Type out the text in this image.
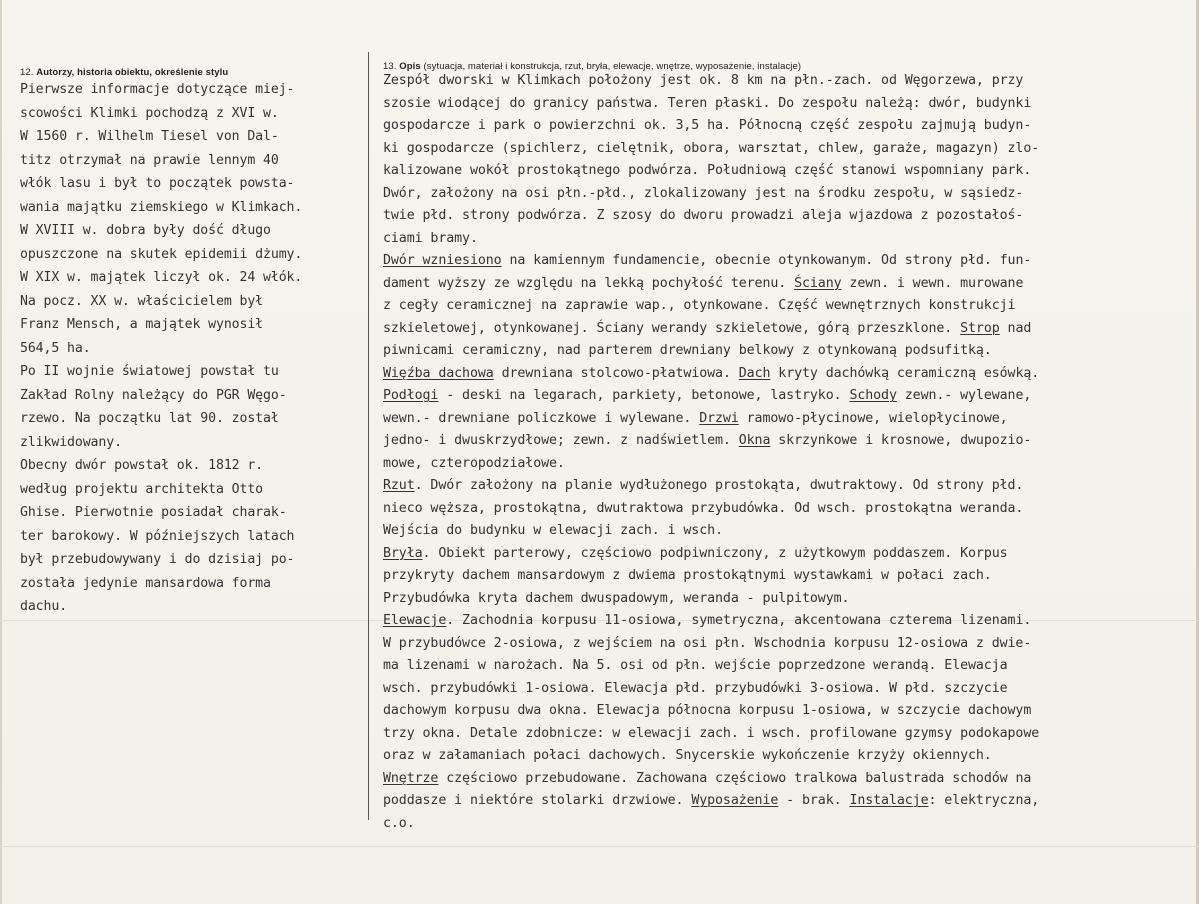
12. Autorzy, historia obiektu, określenie stylu
13. Opis (sytuacja, materiał i konstrukcja, rzut, bryła, elewacje, wnętrze, wyposażenie, instalacje)
Pierwsze informacje dotyczące miej-
scowości Klimki pochodzą z XVI w.
W 1560 r. Wilhelm Tiesel von Dal-
titz otrzymał na prawie lennym 40
włók lasu i był to początek powsta-
wania majątku ziemskiego w Klimkach.
W XVIII w. dobra były dość długo
opuszczone na skutek epidemii dżumy.
W XIX w. majątek liczył ok. 24 włók.
Na pocz. XX w. właścicielem był
Franz Mensch, a majątek wynosił
564,5 ha.
Po II wojnie światowej powstał tu
Zakład Rolny należący do PGR Węgo-
rzewo. Na początku lat 90. został
zlikwidowany.
Obecny dwór powstał ok. 1812 r.
według projektu architekta Otto
Ghise. Pierwotnie posiadał charak-
ter barokowy. W późniejszych latach
był przebudowywany i do dzisiaj po-
została jedynie mansardowa forma
dachu.
Zespół dworski w Klimkach położony jest ok. 8 km na płn.-zach. od Węgorzewa, przy
szosie wiodącej do granicy państwa. Teren płaski. Do zespołu należą: dwór, budynki
gospodarcze i park o powierzchni ok. 3,5 ha. Północną część zespołu zajmują budyn-
ki gospodarcze (spichlerz, cielętnik, obora, warsztat, chlew, garaże, magazyn) zlo-
kalizowane wokół prostokątnego podwórza. Południową część stanowi wspomniany park.
Dwór, założony na osi płn.-płd., zlokalizowany jest na środku zespołu, w sąsiedz-
twie płd. strony podwórza. Z szosy do dworu prowadzi aleja wjazdowa z pozostałoś-
ciami bramy.
Dwór wzniesiono na kamiennym fundamencie, obecnie otynkowanym. Od strony płd. fun-
dament wyższy ze względu na lekką pochyłość terenu. Ściany zewn. i wewn. murowane
z cegły ceramicznej na zaprawie wap., otynkowane. Część wewnętrznych konstrukcji
szkieletowej, otynkowanej. Ściany werandy szkieletowe, górą przeszklone. Strop nad
piwnicami ceramiczny, nad parterem drewniany belkowy z otynkowaną podsufitką.
Więźba dachowa drewniana stolcowo-płatwiowa. Dach kryty dachówką ceramiczną esówką.
Podłogi - deski na legarach, parkiety, betonowe, lastryko. Schody zewn.- wylewane,
wewn.- drewniane policzkowe i wylewane. Drzwi ramowo-płycinowe, wielopłycinowe,
jedno- i dwuskrzydłowe; zewn. z nadświetlem. Okna skrzynkowe i krosnowe, dwupozio-
mowe, czteropodziałowe.
Rzut. Dwór założony na planie wydłużonego prostokąta, dwutraktowy. Od strony płd.
nieco węższa, prostokątna, dwutraktowa przybudówka. Od wsch. prostokątna weranda.
Wejścia do budynku w elewacji zach. i wsch.
Bryła. Obiekt parterowy, częściowo podpiwniczony, z użytkowym poddaszem. Korpus
przykryty dachem mansardowym z dwiema prostokątnymi wystawkami w połaci zach.
Przybudówka kryta dachem dwuspadowym, weranda - pulpitowym.
Elewacje. Zachodnia korpusu 11-osiowa, symetryczna, akcentowana czterema lizenami.
W przybudówce 2-osiowa, z wejściem na osi płn. Wschodnia korpusu 12-osiowa z dwie-
ma lizenami w narożach. Na 5. osi od płn. wejście poprzedzone werandą. Elewacja
wsch. przybudówki 1-osiowa. Elewacja płd. przybudówki 3-osiowa. W płd. szczycie
dachowym korpusu dwa okna. Elewacja północna korpusu 1-osiowa, w szczycie dachowym
trzy okna. Detale zdobnicze: w elewacji zach. i wsch. profilowane gzymsy podokapowe
oraz w załamaniach połaci dachowych. Snycerskie wykończenie krzyży okiennych.
Wnętrze częściowo przebudowane. Zachowana częściowo tralkowa balustrada schodów na
poddasze i niektóre stolarki drzwiowe. Wyposażenie - brak. Instalacje: elektryczna,
c.o.
